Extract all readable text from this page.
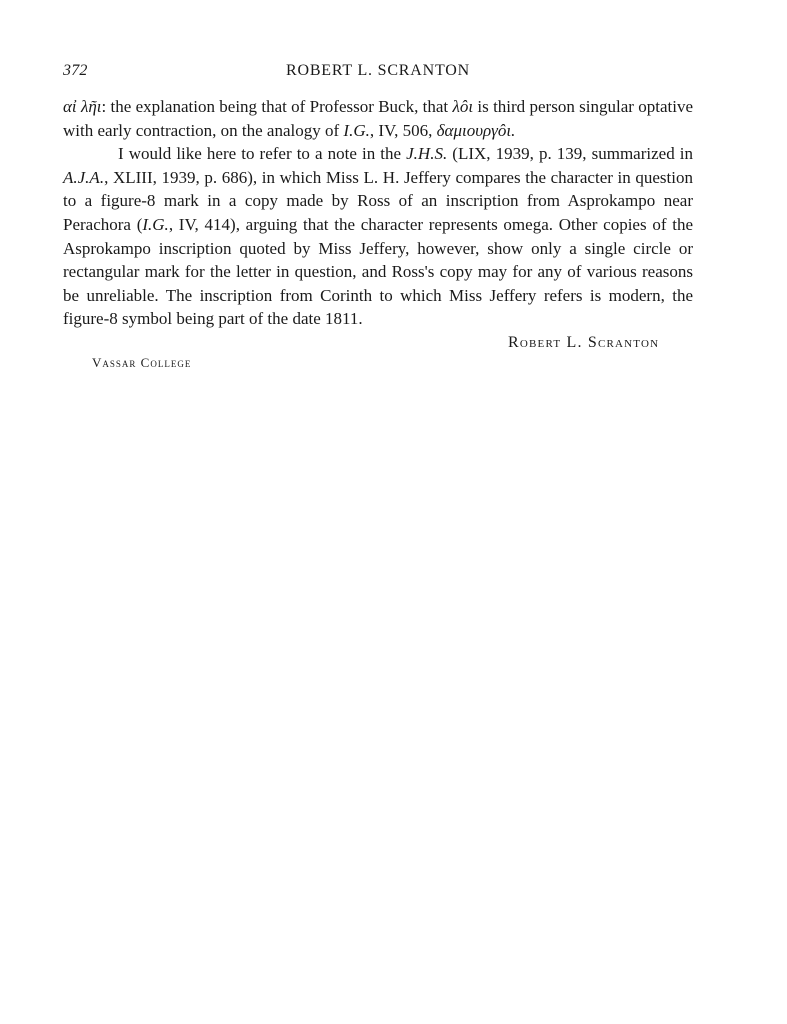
372	ROBERT L. SCRANTON

αἰ λῆι: the explanation being that of Professor Buck, that λôι is third person singular optative with early contraction, on the analogy of I.G., IV, 506, δαμιουργôι.

I would like here to refer to a note in the J.H.S. (LIX, 1939, p. 139, summarized in A.J.A., XLIII, 1939, p. 686), in which Miss L. H. Jeffery compares the character in question to a figure-8 mark in a copy made by Ross of an inscription from Asprokampo near Perachora (I.G., IV, 414), arguing that the character represents omega. Other copies of the Asprokampo inscription quoted by Miss Jeffery, however, show only a single circle or rectangular mark for the letter in question, and Ross's copy may for any of various reasons be unreliable. The inscription from Corinth to which Miss Jeffery refers is modern, the figure-8 symbol being part of the date 1811.

Robert L. Scranton
Vassar College
